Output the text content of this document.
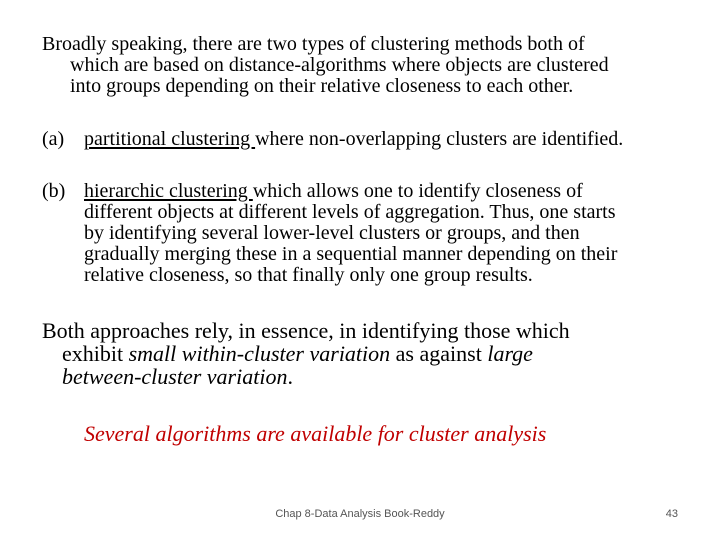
Broadly speaking, there are two types of clustering methods both of
which are based on distance-algorithms where objects are clustered
into groups depending on their relative closeness to each other.
(a) partitional clustering where non-overlapping clusters are identified.
(b) hierarchic clustering which allows one to identify closeness of
different objects at different levels of aggregation. Thus, one starts
by identifying several lower-level clusters or groups, and then
gradually merging these in a sequential manner depending on their
relative closeness, so that finally only one group results.
Both approaches rely, in essence, in identifying those which
exhibit small within-cluster variation as against large
between-cluster variation.
Several algorithms are available for cluster analysis
Chap 8-Data Analysis Book-Reddy	43
